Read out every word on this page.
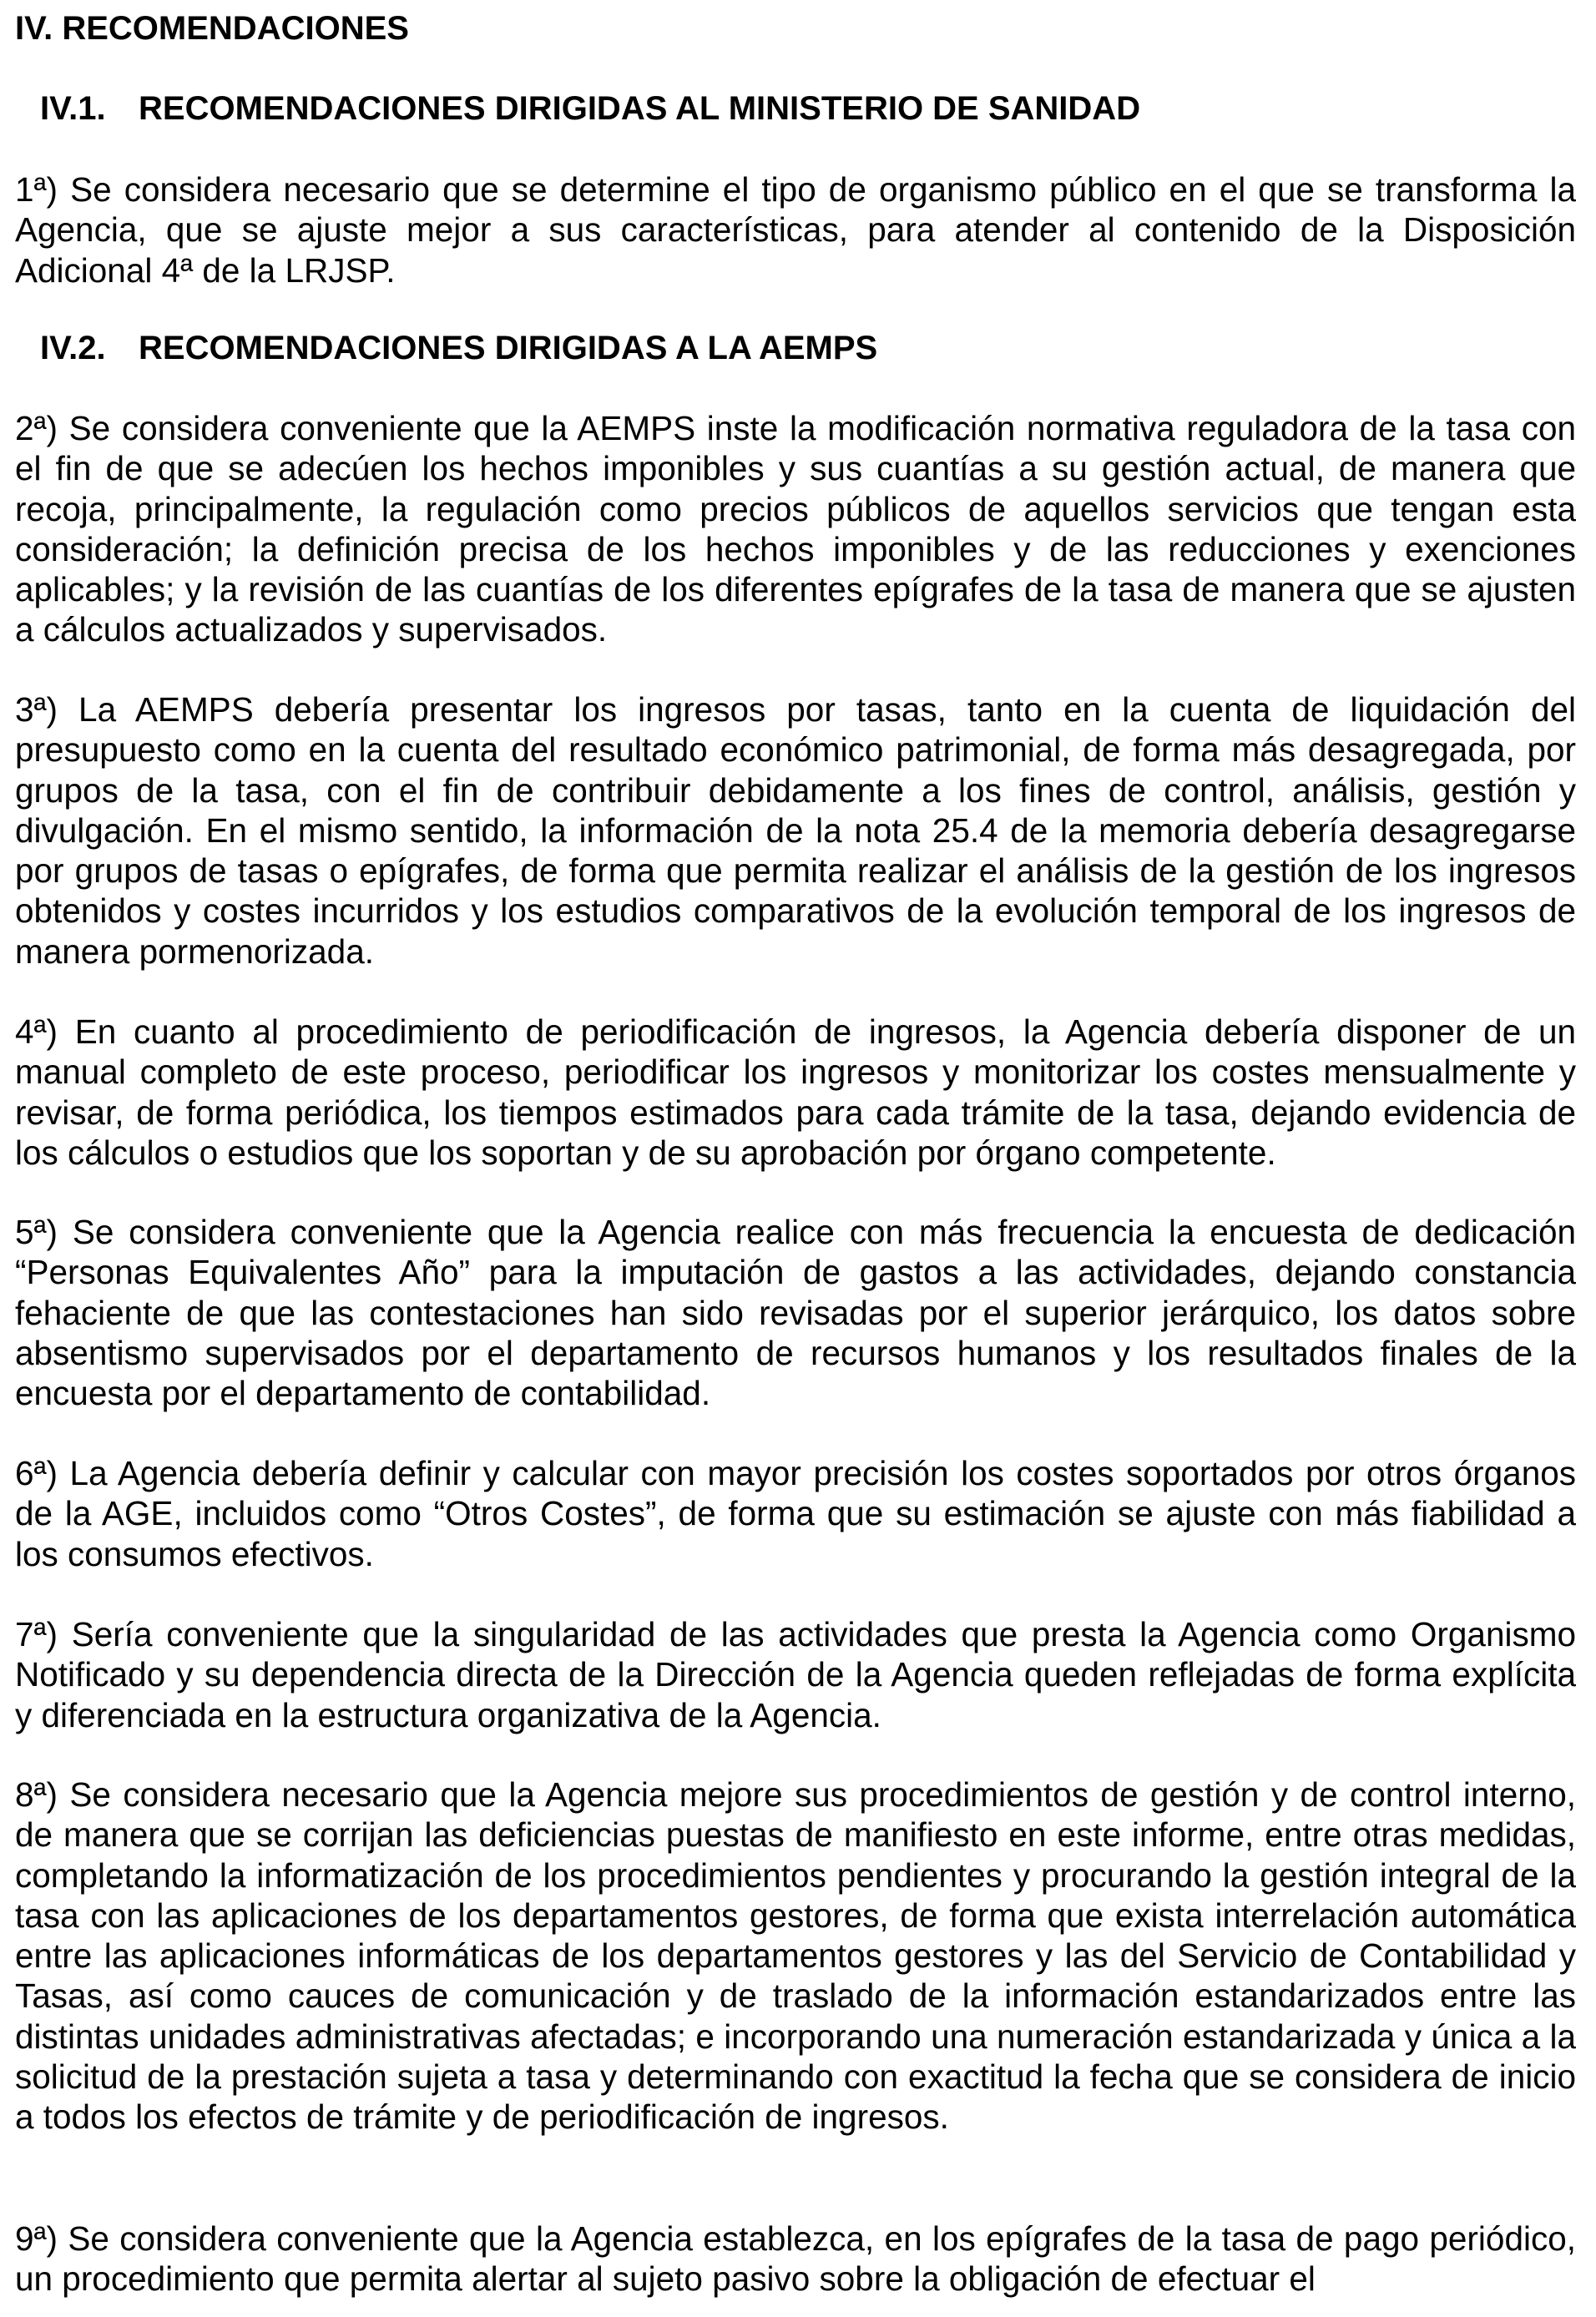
IV. RECOMENDACIONES
IV.1. RECOMENDACIONES DIRIGIDAS AL MINISTERIO DE SANIDAD

1ª) Se considera necesario que se determine el tipo de organismo público en el que se transforma la Agencia, que se ajuste mejor a sus características, para atender al contenido de la Disposición Adicional 4ª de la LRJSP.

IV.2. RECOMENDACIONES DIRIGIDAS A LA AEMPS

2ª) Se considera conveniente que la AEMPS inste la modificación normativa reguladora de la tasa con el fin de que se adecúen los hechos imponibles y sus cuantías a su gestión actual, de manera que recoja, principalmente, la regulación como precios públicos de aquellos servicios que tengan esta consideración; la definición precisa de los hechos imponibles y de las reducciones y exenciones aplicables; y la revisión de las cuantías de los diferentes epígrafes de la tasa de manera que se ajusten a cálculos actualizados y supervisados.

3ª) La AEMPS debería presentar los ingresos por tasas, tanto en la cuenta de liquidación del presupuesto como en la cuenta del resultado económico patrimonial, de forma más desagregada, por grupos de la tasa, con el fin de contribuir debidamente a los fines de control, análisis, gestión y divulgación. En el mismo sentido, la información de la nota 25.4 de la memoria debería desagregarse por grupos de tasas o epígrafes, de forma que permita realizar el análisis de la gestión de los ingresos obtenidos y costes incurridos y los estudios comparativos de la evolución temporal de los ingresos de manera pormenorizada.

4ª) En cuanto al procedimiento de periodificación de ingresos, la Agencia debería disponer de un manual completo de este proceso, periodificar los ingresos y monitorizar los costes mensualmente y revisar, de forma periódica, los tiempos estimados para cada trámite de la tasa, dejando evidencia de los cálculos o estudios que los soportan y de su aprobación por órgano competente.

5ª) Se considera conveniente que la Agencia realice con más frecuencia la encuesta de dedicación “Personas Equivalentes Año” para la imputación de gastos a las actividades, dejando constancia fehaciente de que las contestaciones han sido revisadas por el superior jerárquico, los datos sobre absentismo supervisados por el departamento de recursos humanos y los resultados finales de la encuesta por el departamento de contabilidad.

6ª) La Agencia debería definir y calcular con mayor precisión los costes soportados por otros órganos de la AGE, incluidos como “Otros Costes”, de forma que su estimación se ajuste con más fiabilidad a los consumos efectivos.

7ª) Sería conveniente que la singularidad de las actividades que presta la Agencia como Organismo Notificado y su dependencia directa de la Dirección de la Agencia queden reflejadas de forma explícita y diferenciada en la estructura organizativa de la Agencia.

8ª) Se considera necesario que la Agencia mejore sus procedimientos de gestión y de control interno, de manera que se corrijan las deficiencias puestas de manifiesto en este informe, entre otras medidas, completando la informatización de los procedimientos pendientes y procurando la gestión integral de la tasa con las aplicaciones de los departamentos gestores, de forma que exista interrelación automática entre las aplicaciones informáticas de los departamentos gestores y las del Servicio de Contabilidad y Tasas, así como cauces de comunicación y de traslado de la información estandarizados entre las distintas unidades administrativas afectadas; e incorporando una numeración estandarizada y única a la solicitud de la prestación sujeta a tasa y determinando con exactitud la fecha que se considera de inicio a todos los efectos de trámite y de periodificación de ingresos.

9ª) Se considera conveniente que la Agencia establezca, en los epígrafes de la tasa de pago periódico, un procedimiento que permita alertar al sujeto pasivo sobre la obligación de efectuar el
